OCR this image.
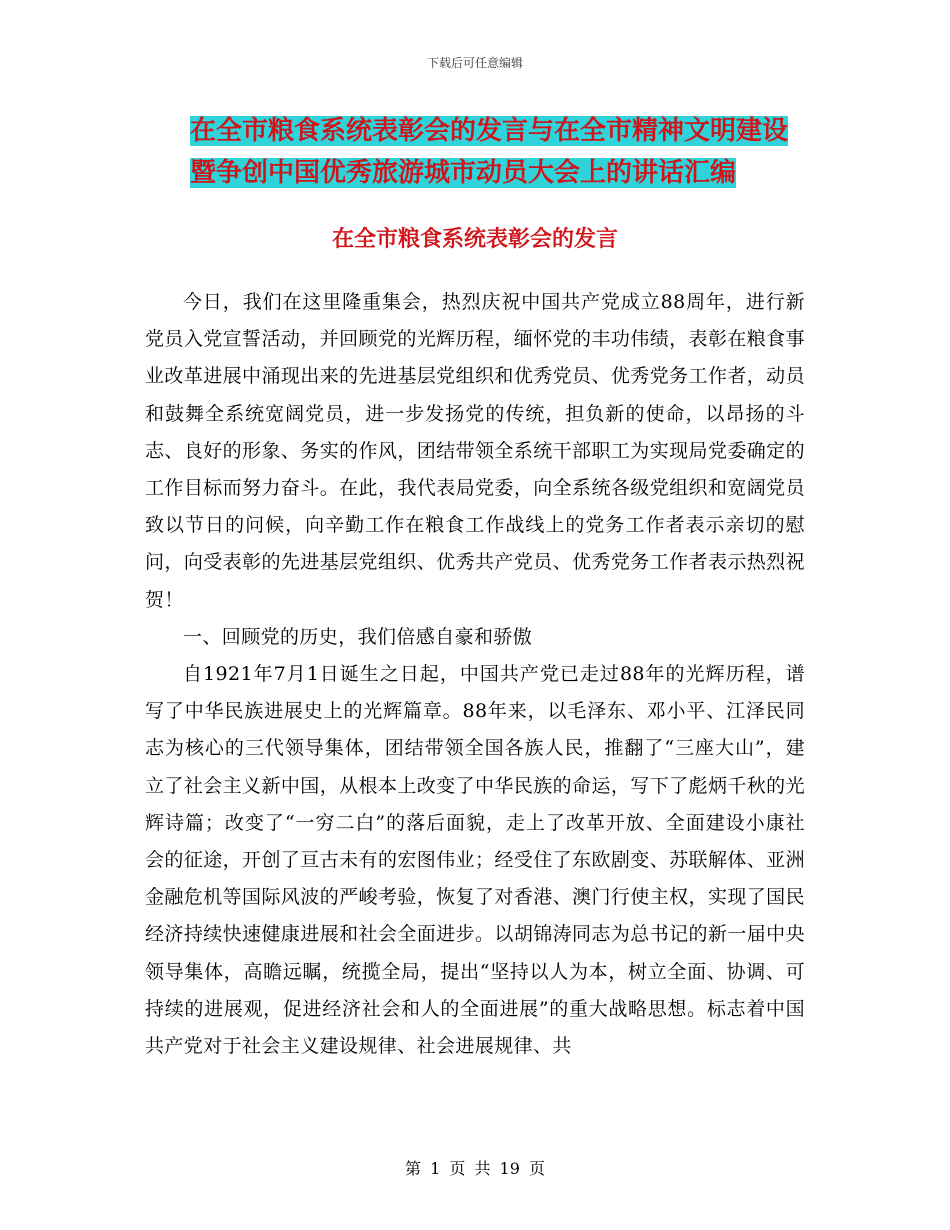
下载后可任意编辑
在全市粮食系统表彰会的发言与在全市精神文明建设
暨争创中国优秀旅游城市动员大会上的讲话汇编
在全市粮食系统表彰会的发言

今日，我们在这里隆重集会，热烈庆祝中国共产党成立88周年，进行新党员入党宣誓活动，并回顾党的光辉历程，缅怀党的丰功伟绩，表彰在粮食事业改革进展中涌现出来的先进基层党组织和优秀党员、优秀党务工作者，动员和鼓舞全系统宽阔党员，进一步发扬党的传统，担负新的使命，以昂扬的斗志、良好的形象、务实的作风，团结带领全系统干部职工为实现局党委确定的工作目标而努力奋斗。在此，我代表局党委，向全系统各级党组织和宽阔党员致以节日的问候，向辛勤工作在粮食工作战线上的党务工作者表示亲切的慰问，向受表彰的先进基层党组织、优秀共产党员、优秀党务工作者表示热烈祝贺！

一、回顾党的历史，我们倍感自豪和骄傲

自1921年7月1日诞生之日起，中国共产党已走过88年的光辉历程，谱写了中华民族进展史上的光辉篇章。88年来，以毛泽东、邓小平、江泽民同志为核心的三代领导集体，团结带领全国各族人民，推翻了“三座大山”，建立了社会主义新中国，从根本上改变了中华民族的命运，写下了彪炳千秋的光辉诗篇；改变了“一穷二白”的落后面貌，走上了改革开放、全面建设小康社会的征途，开创了亘古未有的宏图伟业；经受住了东欧剧变、苏联解体、亚洲金融危机等国际风波的严峻考验，恢复了对香港、澳门行使主权，实现了国民经济持续快速健康进展和社会全面进步。以胡锦涛同志为总书记的新一届中央领导集体，高瞻远瞩，统揽全局，提出“坚持以人为本，树立全面、协调、可持续的进展观，促进经济社会和人的全面进展”的重大战略思想。标志着中国共产党对于社会主义建设规律、社会进展规律、共

第 1 页 共 19 页
